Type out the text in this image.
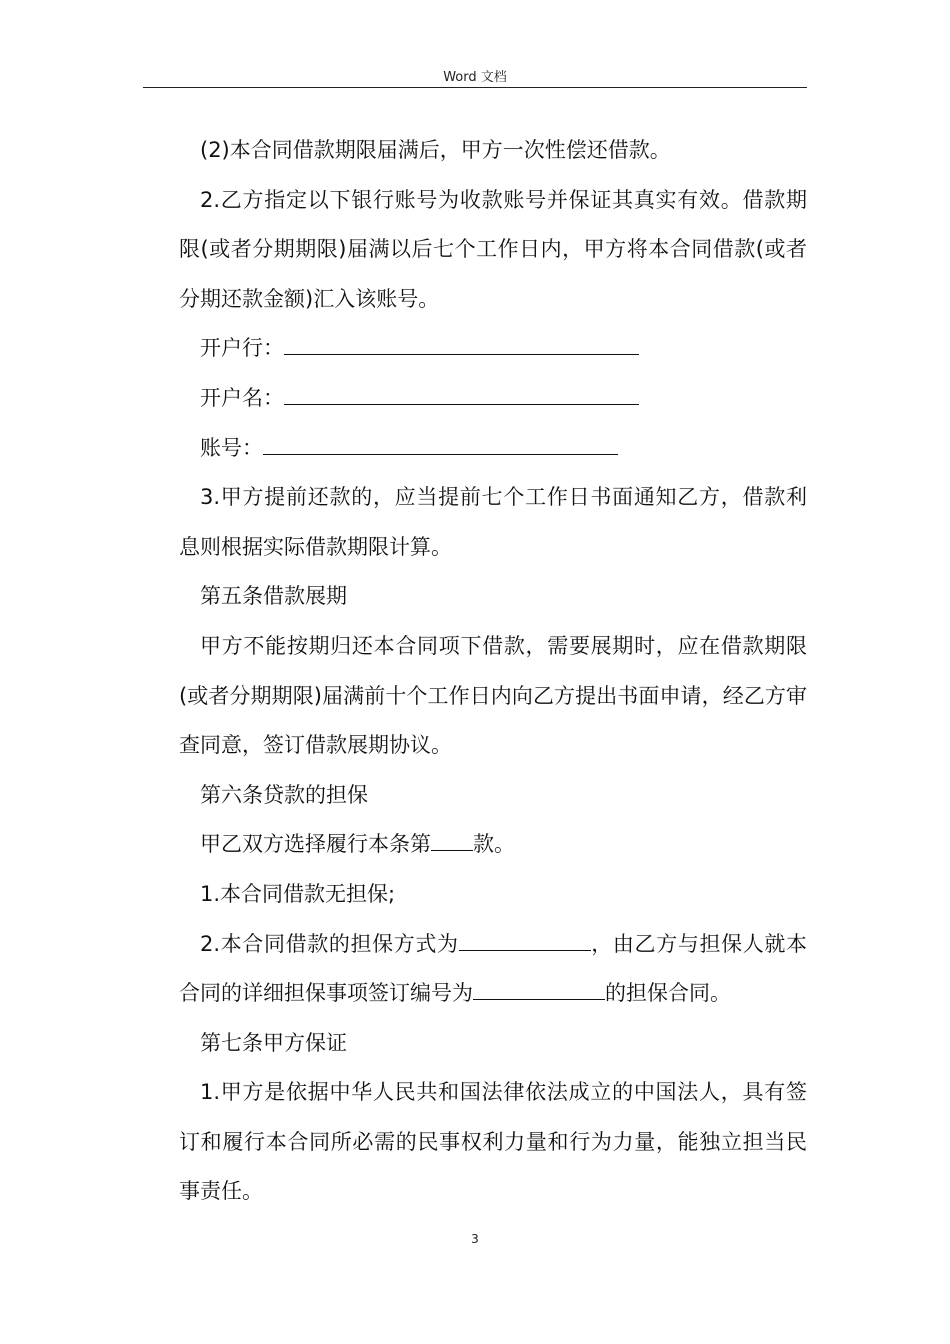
Word 文档

(2)本合同借款期限届满后，甲方一次性偿还借款。

2.乙方指定以下银行账号为收款账号并保证其真实有效。借款期限(或者分期期限)届满以后七个工作日内，甲方将本合同借款(或者分期还款金额)汇入该账号。

开户行：

开户名：

账号：

3.甲方提前还款的，应当提前七个工作日书面通知乙方，借款利息则根据实际借款期限计算。

第五条借款展期

甲方不能按期归还本合同项下借款，需要展期时，应在借款期限(或者分期期限)届满前十个工作日内向乙方提出书面申请，经乙方审查同意，签订借款展期协议。

第六条贷款的担保

甲乙双方选择履行本条第 款。

1.本合同借款无担保;

2.本合同借款的担保方式为	，由乙方与担保人就本合同的详细担保事项签订编号为	的担保合同。

第七条甲方保证

1.甲方是依据中华人民共和国法律依法成立的中国法人，具有签订和履行本合同所必需的民事权利力量和行为力量，能独立担当民事责任。

3
